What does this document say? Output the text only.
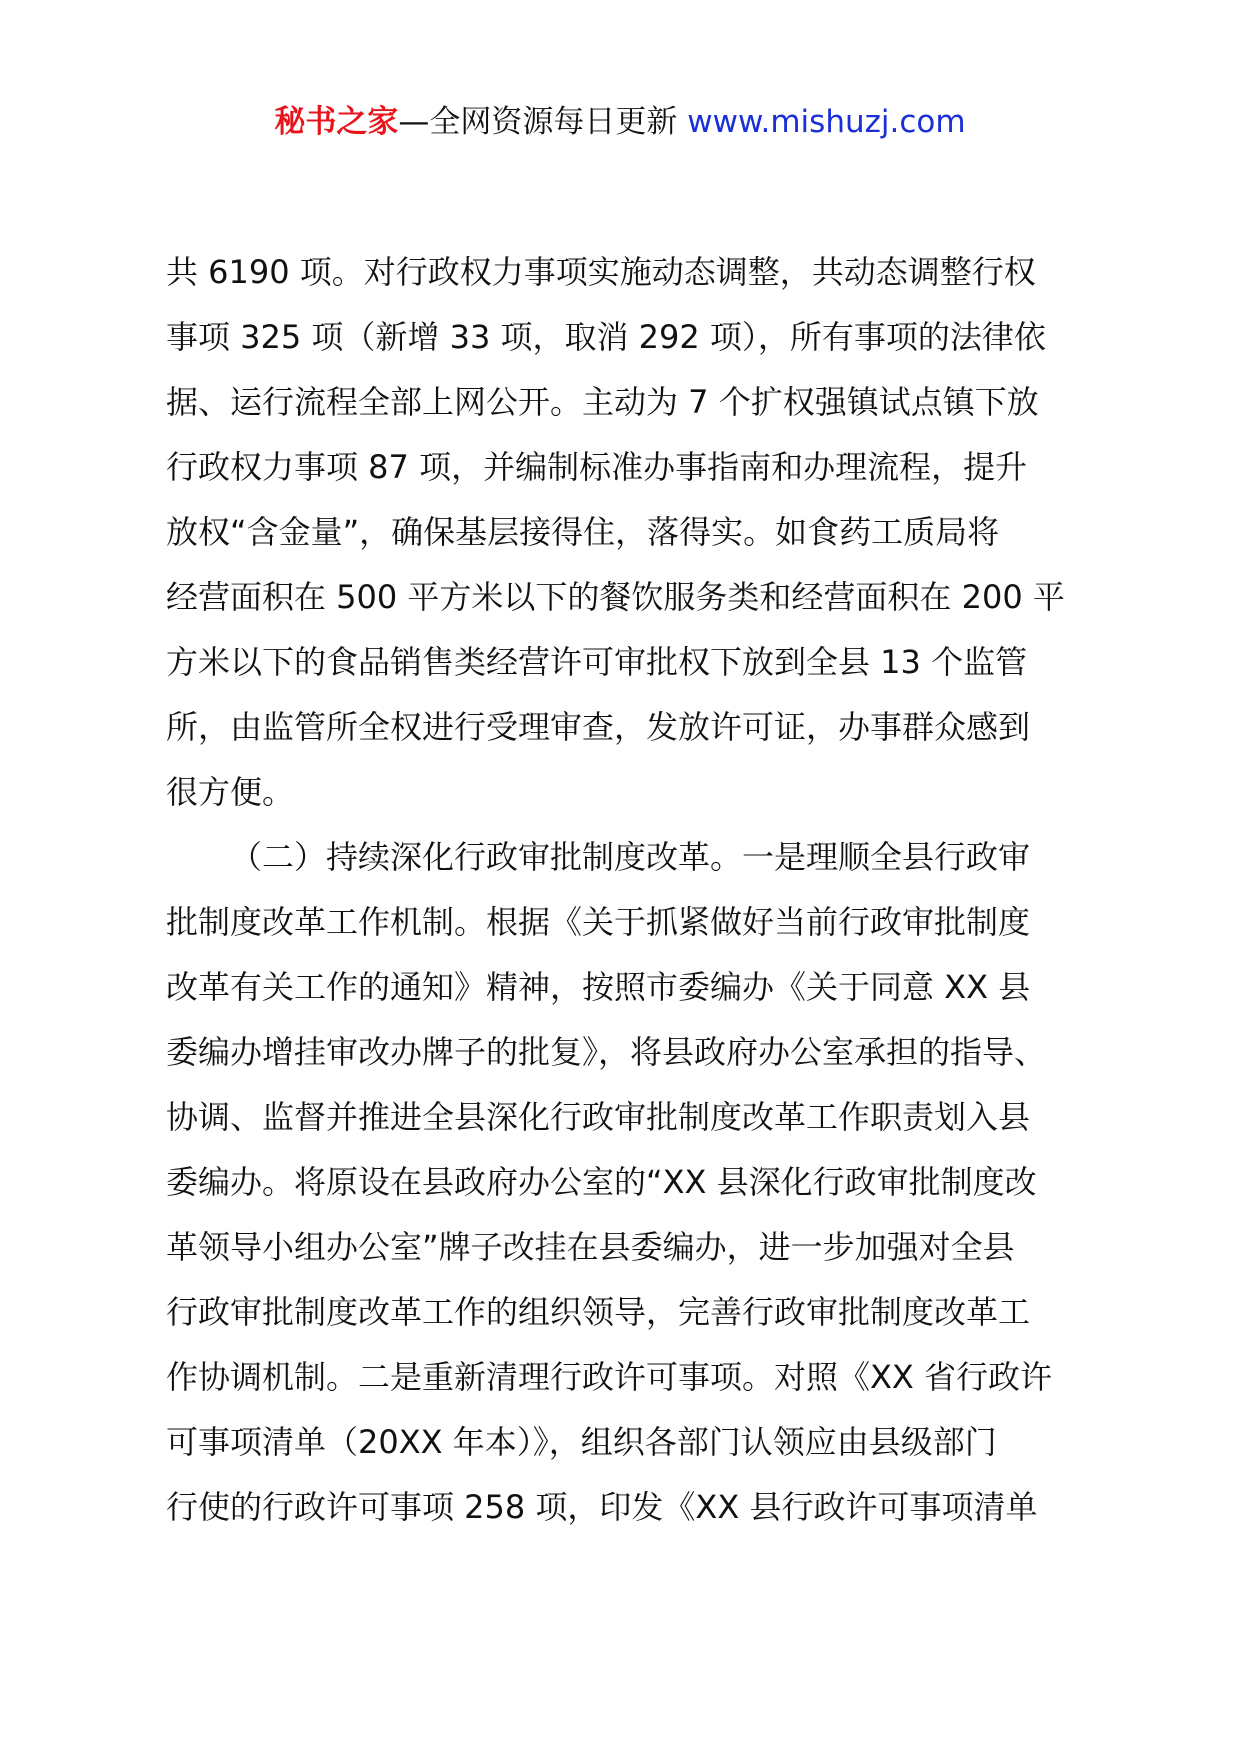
秘书之家—全网资源每日更新 www.mishuzj.com
共 6190 项。对行政权力事项实施动态调整，共动态调整行权
事项 325 项（新增 33 项，取消 292 项），所有事项的法律依
据、运行流程全部上网公开。主动为 7 个扩权强镇试点镇下放
行政权力事项 87 项，并编制标准办事指南和办理流程，提升
放权“含金量”，确保基层接得住，落得实。如食药工质局将
经营面积在 500 平方米以下的餐饮服务类和经营面积在 200 平
方米以下的食品销售类经营许可审批权下放到全县 13 个监管
所，由监管所全权进行受理审查，发放许可证，办事群众感到
很方便。
（二）持续深化行政审批制度改革。一是理顺全县行政审
批制度改革工作机制。根据《关于抓紧做好当前行政审批制度
改革有关工作的通知》精神，按照市委编办《关于同意 XX 县
委编办增挂审改办牌子的批复》，将县政府办公室承担的指导、
协调、监督并推进全县深化行政审批制度改革工作职责划入县
委编办。将原设在县政府办公室的“XX 县深化行政审批制度改
革领导小组办公室”牌子改挂在县委编办，进一步加强对全县
行政审批制度改革工作的组织领导，完善行政审批制度改革工
作协调机制。二是重新清理行政许可事项。对照《XX 省行政许
可事项清单（20XX 年本）》，组织各部门认领应由县级部门
行使的行政许可事项 258 项，印发《XX 县行政许可事项清单
